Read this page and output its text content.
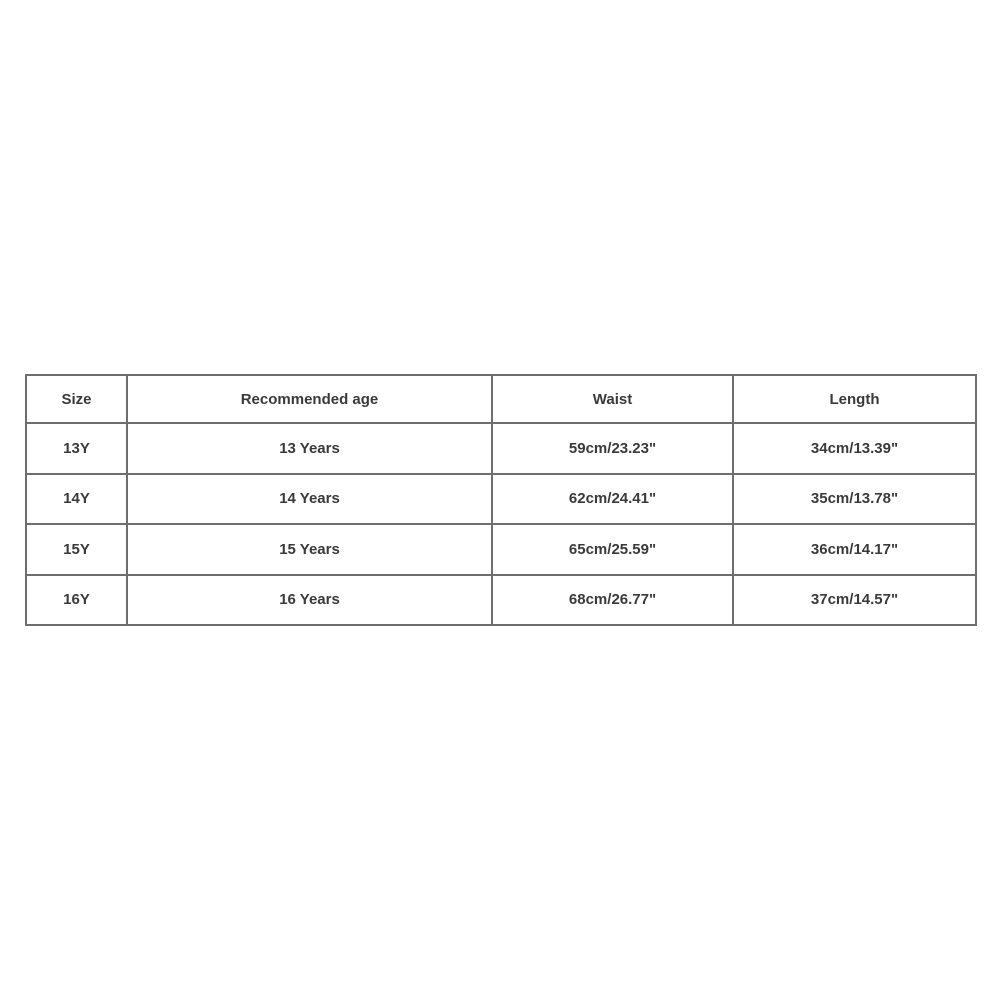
Size	Recommended age	Waist	Length
13Y	13 Years	59cm/23.23"	34cm/13.39"
14Y	14 Years	62cm/24.41"	35cm/13.78"
15Y	15 Years	65cm/25.59"	36cm/14.17"
16Y	16 Years	68cm/26.77"	37cm/14.57"
